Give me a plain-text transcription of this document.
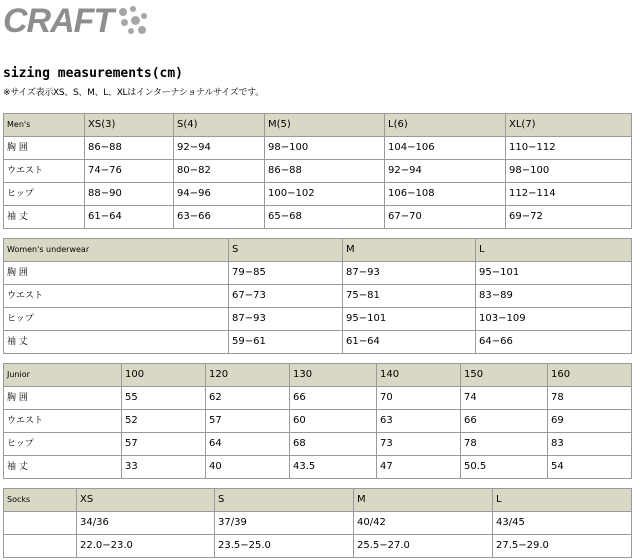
CRAFT
sizing measurements(cm)
※サイズ表示XS、S、M、L、XLはインターナショナルサイズです。
Men's	XS(3)	S(4)	M(5)	L(6)	XL(7)
胸 囲	86−88	92−94	98−100	104−106	110−112
ウエスト	74−76	80−82	86−88	92−94	98−100
ヒップ	88−90	94−96	100−102	106−108	112−114
袖 丈	61−64	63−66	65−68	67−70	69−72
Women's underwear	S	M	L
胸 囲	79−85	87−93	95−101
ウエスト	67−73	75−81	83−89
ヒップ	87−93	95−101	103−109
袖 丈	59−61	61−64	64−66
Junior	100	120	130	140	150	160
胸 囲	55	62	66	70	74	78
ウエスト	52	57	60	63	66	69
ヒップ	57	64	68	73	78	83
袖 丈	33	40	43.5	47	50.5	54
Socks	XS	S	M	L
	34/36	37/39	40/42	43/45
	22.0−23.0	23.5−25.0	25.5−27.0	27.5−29.0
